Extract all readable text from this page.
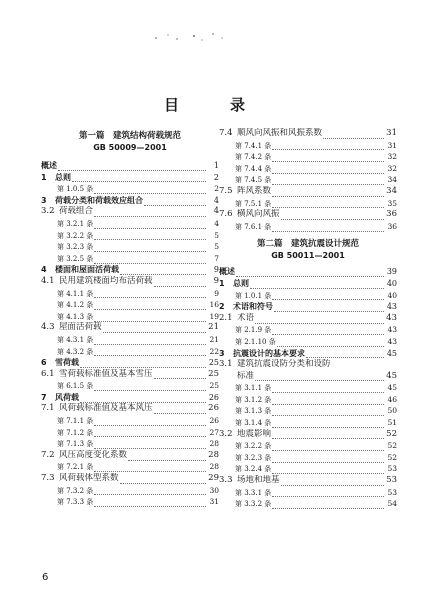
目　录
第一篇　建筑结构荷载规范
GB 50009—2001
概述	1
1 总则	2
第 1.0.5 条	2
3 荷载分类和荷载效应组合	4
3.2 荷载组合	4
第 3.2.1 条	4
第 3.2.2 条	5
第 3.2.3 条	5
第 3.2.5 条	7
4 楼面和屋面活荷载	9
4.1 民用建筑楼面均布活荷载	9
第 4.1.1 条	9
第 4.1.2 条	16
第 4.1.3 条	19
4.3 屋面活荷载	21
第 4.3.1 条	21
第 4.3.2 条	22
6 雪荷载	25
6.1 雪荷载标准值及基本雪压	25
第 6.1.5 条	25
7 风荷载	26
7.1 风荷载标准值及基本风压	26
第 7.1.1 条	26
第 7.1.2 条	27
第 7.1.3 条	28
7.2 风压高度变化系数	28
第 7.2.1 条	28
7.3 风荷载体型系数	29
第 7.3.2 条	30
第 7.3.3 条	31
7.4 顺风向风振和风振系数	31
第 7.4.1 条	31
第 7.4.2 条	32
第 7.4.4 条	32
第 7.4.5 条	34
7.5 阵风系数	34
第 7.5.1 条	35
7.6 横风向风振	36
第 7.6.1 条	36
第二篇　建筑抗震设计规范
GB 50011—2001
概述	39
1 总则	40
第 1.0.1 条	40
2 术语和符号	43
2.1 术语	43
第 2.1.9 条	43
第 2.1.10 条	43
3 抗震设计的基本要求	45
3.1 建筑抗震设防分类和设防
标准	45
第 3.1.1 条	45
第 3.1.2 条	46
第 3.1.3 条	50
第 3.1.4 条	51
3.2 地震影响	52
第 3.2.2 条	52
第 3.2.3 条	52
第 3.2.4 条	53
3.3 场地和地基	53
第 3.3.1 条	53
第 3.3.2 条	54
6
